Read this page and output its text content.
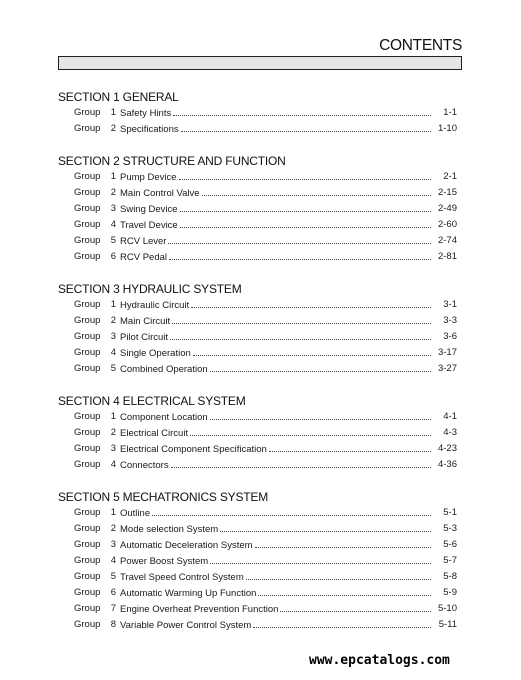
CONTENTS
SECTION 1 GENERAL
Group 1 Safety Hints	1-1
Group 2 Specifications	1-10
SECTION 2 STRUCTURE AND FUNCTION
Group 1 Pump Device	2-1
Group 2 Main Control Valve	2-15
Group 3 Swing Device	2-49
Group 4 Travel Device	2-60
Group 5 RCV Lever	2-74
Group 6 RCV Pedal	2-81
SECTION 3 HYDRAULIC SYSTEM
Group 1 Hydraulic Circuit	3-1
Group 2 Main Circuit	3-3
Group 3 Pilot Circuit	3-6
Group 4 Single Operation	3-17
Group 5 Combined Operation	3-27
SECTION 4 ELECTRICAL SYSTEM
Group 1 Component Location	4-1
Group 2 Electrical Circuit	4-3
Group 3 Electrical Component Specification	4-23
Group 4 Connectors	4-36
SECTION 5 MECHATRONICS SYSTEM
Group 1 Outline	5-1
Group 2 Mode selection System	5-3
Group 3 Automatic Deceleration System	5-6
Group 4 Power Boost System	5-7
Group 5 Travel Speed Control System	5-8
Group 6 Automatic Warming Up Function	5-9
Group 7 Engine Overheat Prevention Function	5-10
Group 8 Variable Power Control System	5-11
www.epcatalogs.com
